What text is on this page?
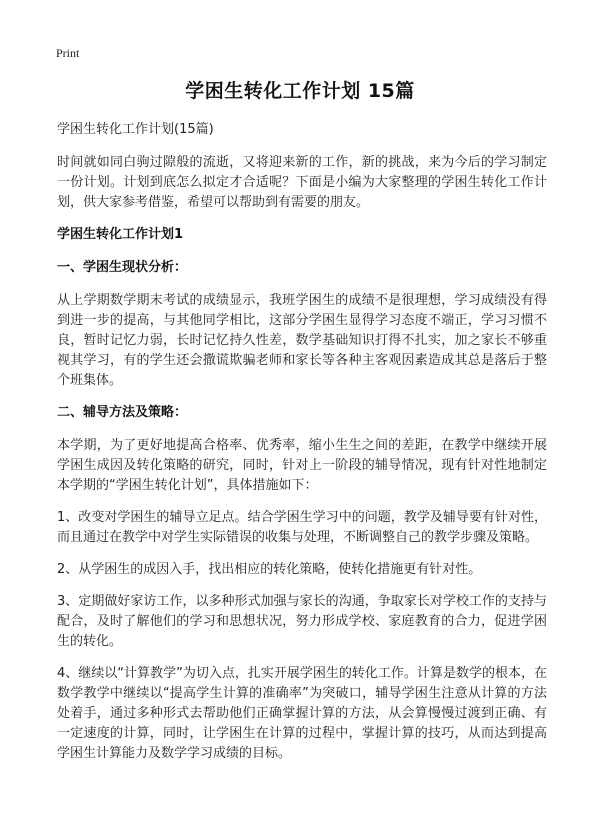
Print
学困生转化工作计划 15篇

学困生转化工作计划(15篇)

时间就如同白驹过隙般的流逝，又将迎来新的工作，新的挑战，来为今后的学习制定一份计划。计划到底怎么拟定才合适呢？下面是小编为大家整理的学困生转化工作计划，供大家参考借鉴，希望可以帮助到有需要的朋友。

学困生转化工作计划1
一、学困生现状分析：

从上学期数学期末考试的成绩显示，我班学困生的成绩不是很理想，学习成绩没有得到进一步的提高，与其他同学相比，这部分学困生显得学习态度不端正，学习习惯不良，暂时记忆力弱，长时记忆持久性差，数学基础知识打得不扎实，加之家长不够重视其学习，有的学生还会撒谎欺骗老师和家长等各种主客观因素造成其总是落后于整个班集体。

二、辅导方法及策略：

本学期，为了更好地提高合格率、优秀率，缩小生生之间的差距，在教学中继续开展学困生成因及转化策略的研究，同时，针对上一阶段的辅导情况，现有针对性地制定本学期的“学困生转化计划”，具体措施如下：

1、改变对学困生的辅导立足点。结合学困生学习中的问题，教学及辅导要有针对性，而且通过在教学中对学生实际错误的收集与处理，不断调整自己的教学步骤及策略。

2、从学困生的成因入手，找出相应的转化策略，使转化措施更有针对性。

3、定期做好家访工作，以多种形式加强与家长的沟通，争取家长对学校工作的支持与配合，及时了解他们的学习和思想状况，努力形成学校、家庭教育的合力，促进学困生的转化。

4、继续以“计算教学”为切入点，扎实开展学困生的转化工作。计算是数学的根本，在数学教学中继续以“提高学生计算的准确率”为突破口，辅导学困生注意从计算的方法处着手，通过多种形式去帮助他们正确掌握计算的方法，从会算慢慢过渡到正确、有一定速度的计算，同时，让学困生在计算的过程中，掌握计算的技巧，从而达到提高学困生计算能力及数学学习成绩的目标。
